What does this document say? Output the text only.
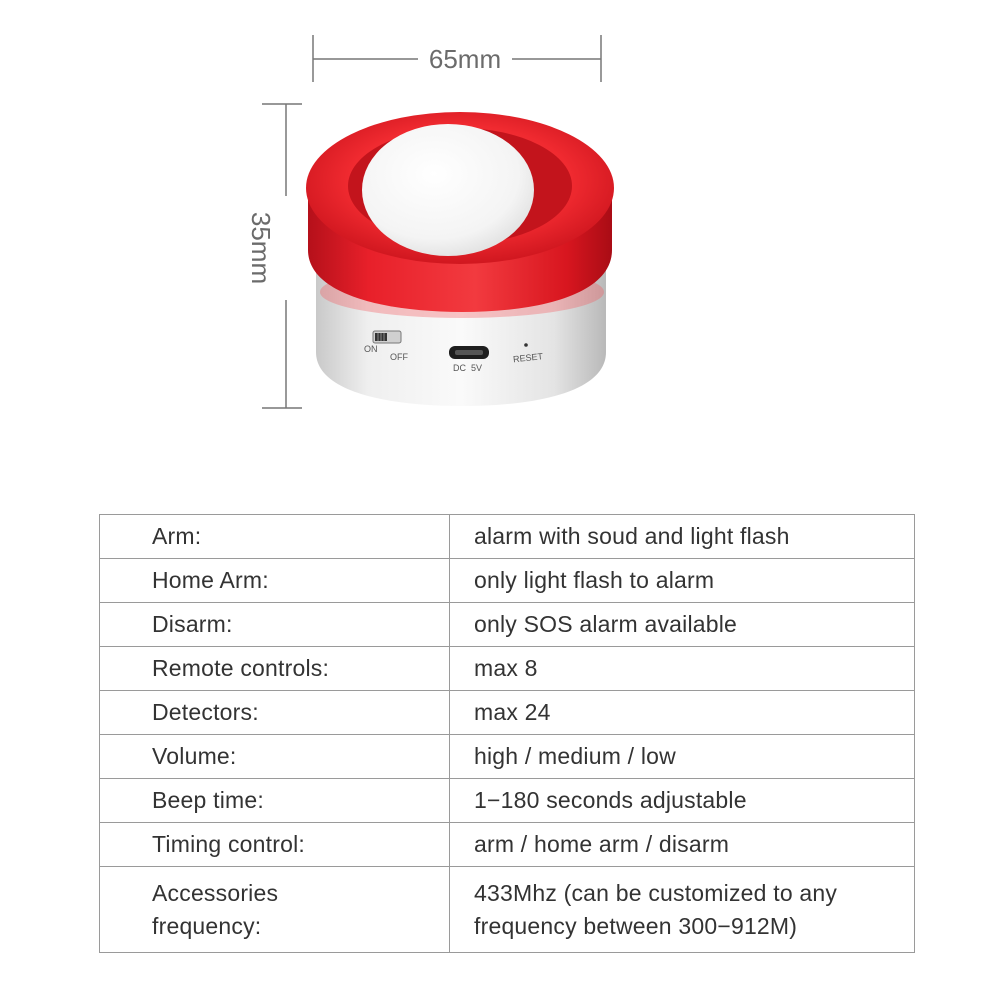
65mm
35mm
ON
OFF
DC  5V
RESET
Arm:	alarm with soud and light flash
Home Arm:	only light flash to alarm
Disarm:	only SOS alarm available
Remote controls:	max 8
Detectors:	max 24
Volume:	high / medium / low
Beep time:	1−180 seconds adjustable
Timing control:	arm / home arm / disarm

Accessories
frequency:	433Mhz (can be customized to any
frequency between 300−912M)
